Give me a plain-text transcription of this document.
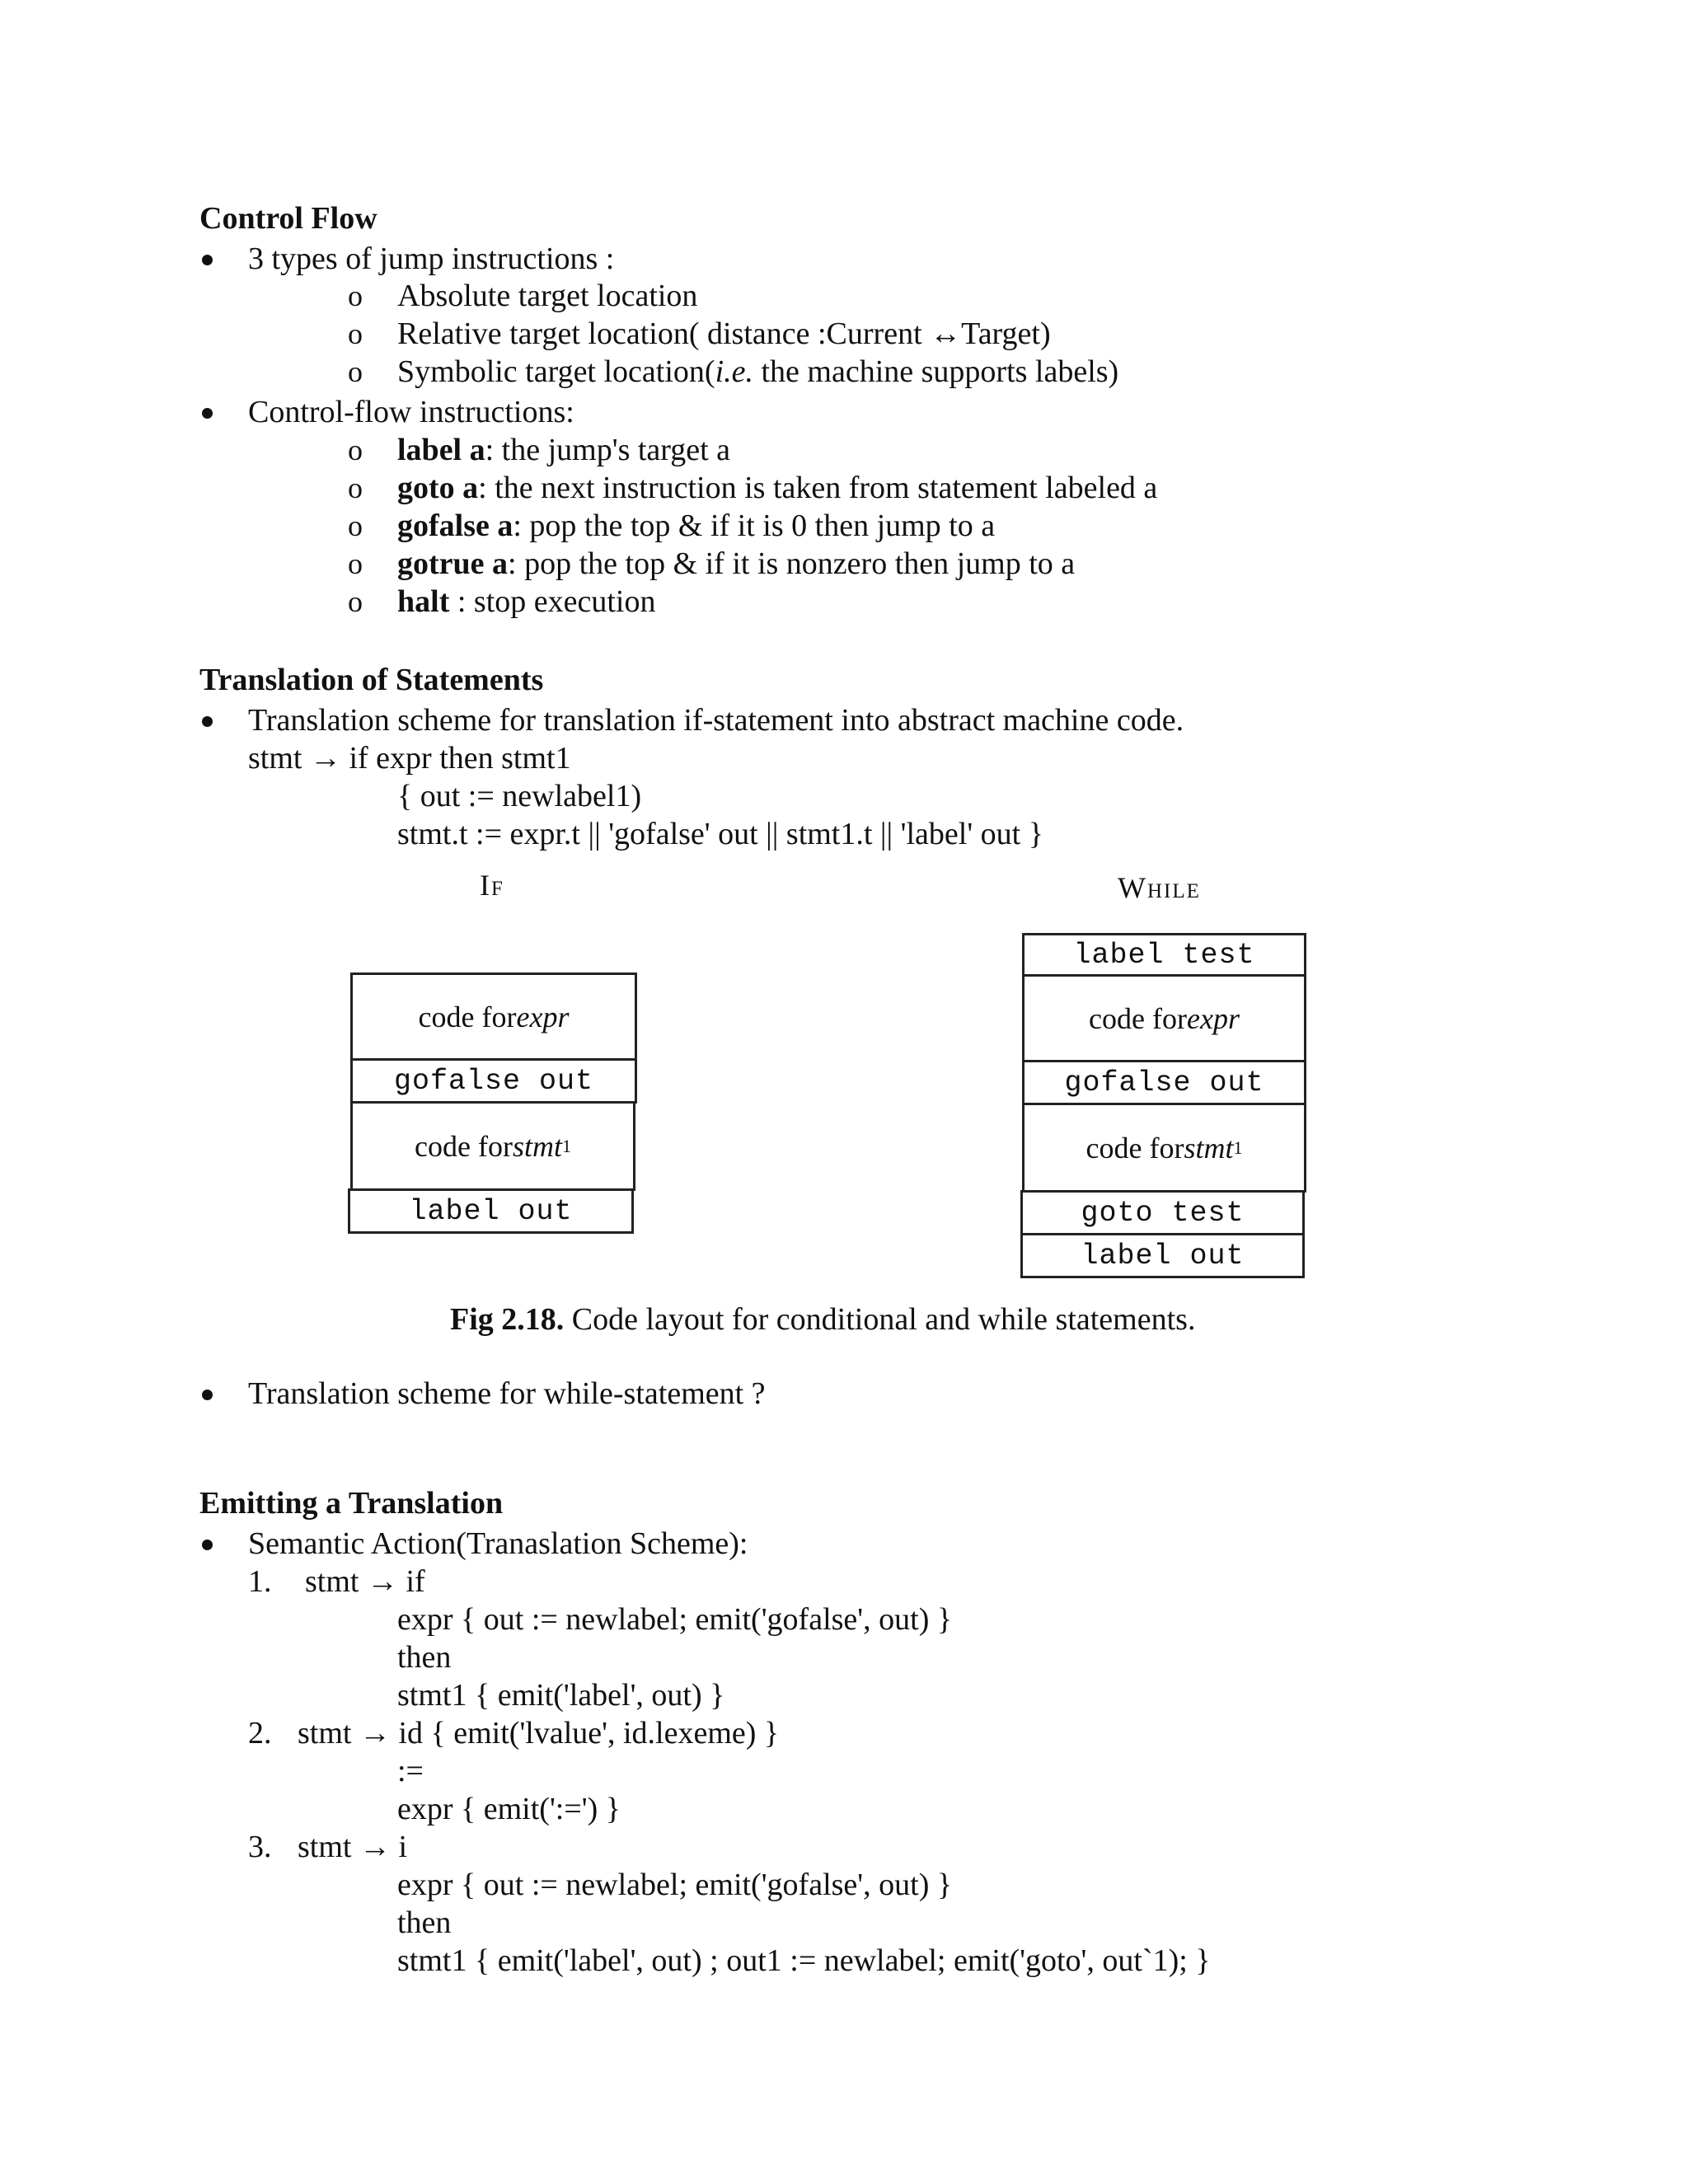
Control Flow
3 types of jump instructions :
o Absolute target location
o Relative target location( distance :Current ↔Target)
o Symbolic target location(i.e. the machine supports labels)
Control-flow instructions:
o label a: the jump's target a
o goto a: the next instruction is taken from statement labeled a
o gofalse a: pop the top & if it is 0 then jump to a
o gotrue a: pop the top & if it is nonzero then jump to a
o halt : stop execution
Translation of Statements
Translation scheme for translation if-statement into abstract machine code.
stmt → if expr then stmt1
{ out := newlabel1)
stmt.t := expr.t || 'gofalse' out || stmt1.t || 'label' out }
If
code for expr
gofalse out
code for stmt 1
label out
While
label test
code for expr
gofalse out
code for stmt 1
goto test
label out
Fig 2.18. Code layout for conditional and while statements.
Translation scheme for while-statement ?
Emitting a Translation
Semantic Action(Tranaslation Scheme):
1. stmt → if
expr { out := newlabel; emit('gofalse', out) }
then
stmt1 { emit('label', out) }
2. stmt → id { emit('lvalue', id.lexeme) }
:=
expr { emit(':=') }
3. stmt → i
expr { out := newlabel; emit('gofalse', out) }
then
stmt1 { emit('label', out) ; out1 := newlabel; emit('goto', out`1); }
